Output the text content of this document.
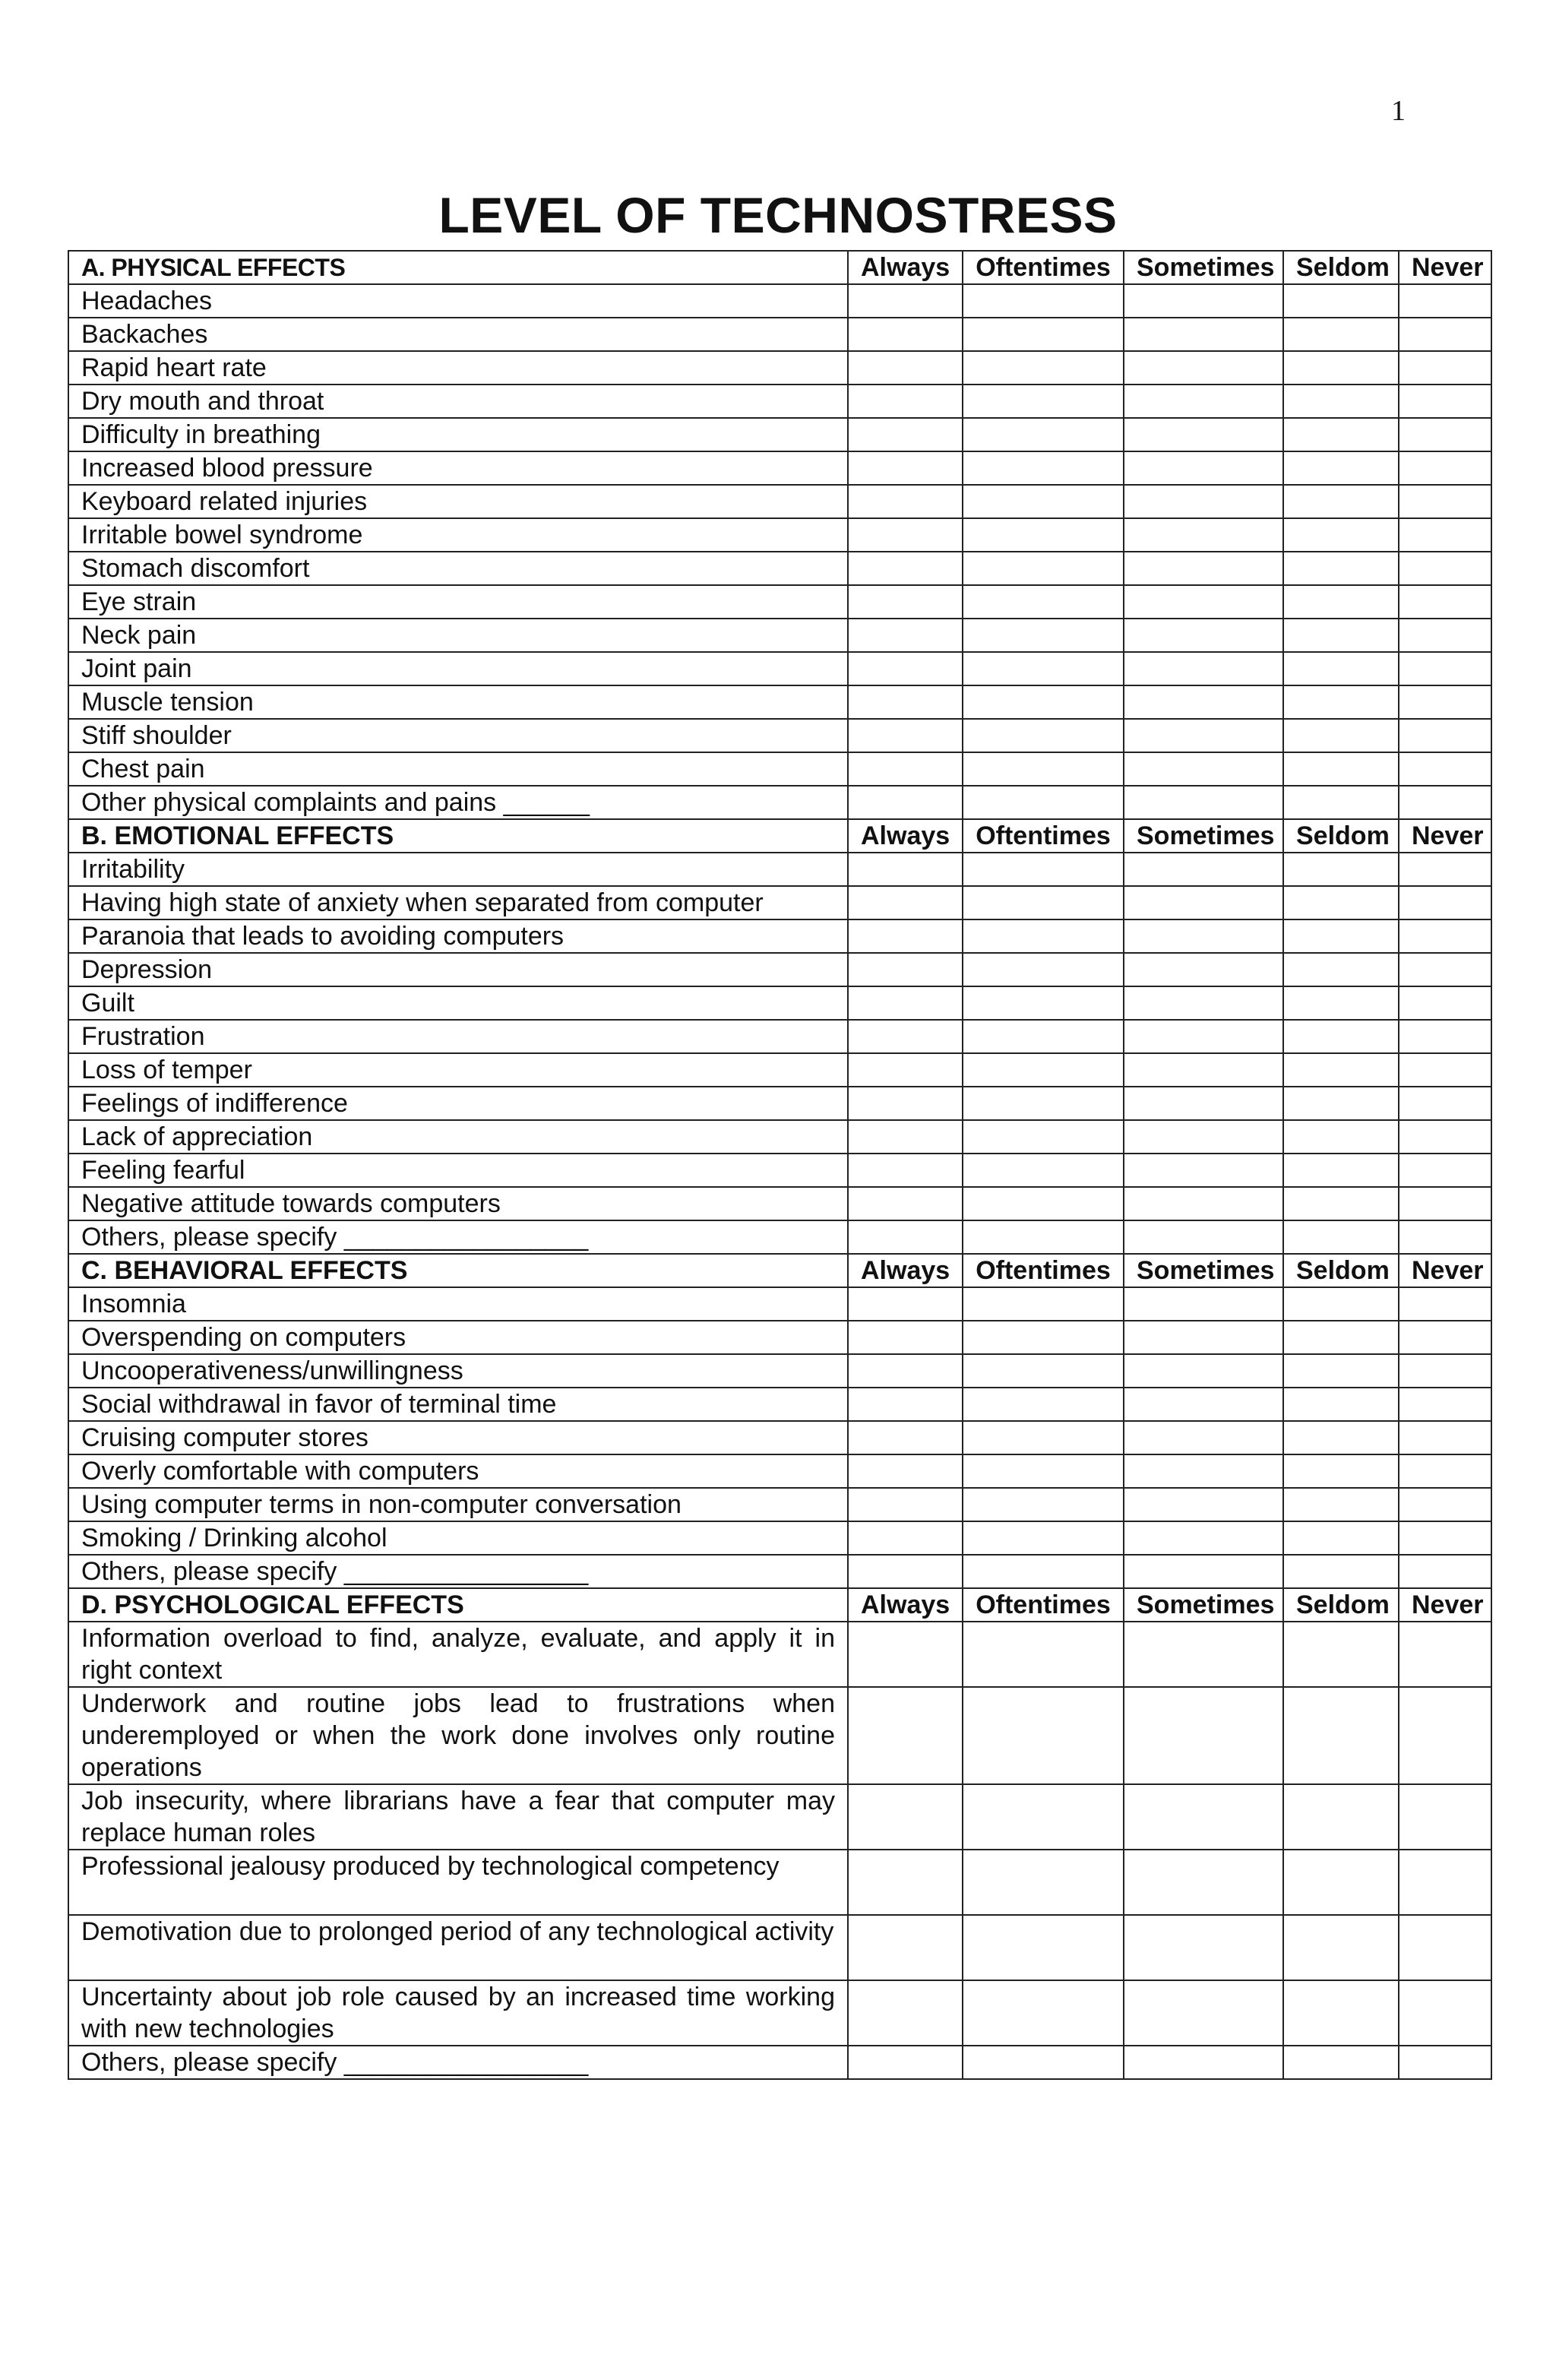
1
LEVEL OF TECHNOSTRESS
A. PHYSICAL EFFECTS	Always	Oftentimes	Sometimes	Seldom	Never
Headaches					
Backaches					
Rapid heart rate					
Dry mouth and throat					
Difficulty in breathing					
Increased blood pressure					
Keyboard related injuries					
Irritable bowel syndrome					
Stomach discomfort					
Eye strain					
Neck pain					
Joint pain					
Muscle tension					
Stiff shoulder					
Chest pain					
Other physical complaints and pains ______					
B. EMOTIONAL EFFECTS	Always	Oftentimes	Sometimes	Seldom	Never
Irritability					
Having high state of anxiety when separated from computer					
Paranoia that leads to avoiding computers					
Depression					
Guilt					
Frustration					
Loss of temper					
Feelings of indifference					
Lack of appreciation					
Feeling fearful					
Negative attitude towards computers					
Others, please specify _________________					
C. BEHAVIORAL EFFECTS	Always	Oftentimes	Sometimes	Seldom	Never
Insomnia					
Overspending on computers					
Uncooperativeness/unwillingness					
Social withdrawal in favor of terminal time					
Cruising computer stores					
Overly comfortable with computers					
Using computer terms in non-computer conversation					
Smoking / Drinking alcohol					
Others, please specify _________________					
D. PSYCHOLOGICAL EFFECTS	Always	Oftentimes	Sometimes	Seldom	Never
Information overload to find, analyze, evaluate, and apply it in right context					
Underwork and routine jobs lead to frustrations when underemployed or when the work done involves only routine operations					
Job insecurity, where librarians have a fear that computer may replace human roles					
Professional jealousy produced by technological competency					
Demotivation due to prolonged period of any technological activity					
Uncertainty about job role caused by an increased time working with new technologies					
Others, please specify _________________					
